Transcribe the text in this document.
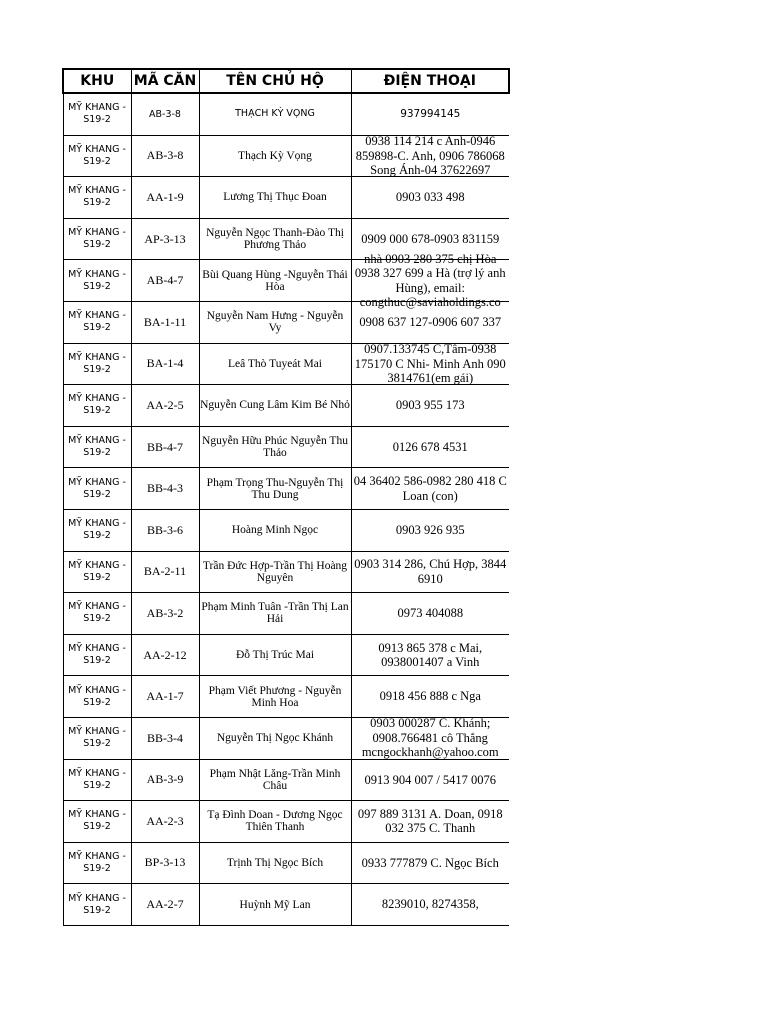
KHU	MÃ CĂN	TÊN CHỦ HỘ	ĐIỆN THOẠI

MỸ KHANG - S19-2	AB-3-8	THẠCH KỲ VỌNG	937994145

MỸ KHANG - S19-2	AB-3-8	Thạch Kỳ Vọng	0938 114 214 c Anh-0946 859898-C. Anh, 0906 786068 Song Ánh-04 37622697

MỸ KHANG - S19-2	AA-1-9	Lương Thị Thục Đoan	0903 033 498

MỸ KHANG - S19-2	AP-3-13	Nguyễn Ngọc Thanh-Đào Thị Phương Thảo	0909 000 678-0903 831159

MỸ KHANG - S19-2	AB-4-7	Bùi Quang Hùng -Nguyễn Thái Hòa	nhà 0903 280 375 chị Hòa 0938 327 699 a Hà (trợ lý anh Hùng), email: congthuc@saviaholdings.co

MỸ KHANG - S19-2	BA-1-11	Nguyễn Nam Hưng - Nguyễn Vy	0908 637 127-0906 607 337

MỸ KHANG - S19-2	BA-1-4	Leâ Thò Tuyeát Mai	0907.133745 C,Tâm-0938 175170 C Nhi- Minh Anh 090 3814761(em gái)

MỸ KHANG - S19-2	AA-2-5	Nguyễn Cung Lâm Kim Bé Nhỏ	0903 955 173

MỸ KHANG - S19-2	BB-4-7	Nguyễn Hữu Phúc Nguyễn Thu Thảo	0126 678 4531

MỸ KHANG - S19-2	BB-4-3	Phạm Trọng Thu-Nguyễn Thị Thu Dung	04 36402 586-0982 280 418 C Loan (con)

MỸ KHANG - S19-2	BB-3-6	Hoàng Minh Ngọc	0903 926 935

MỸ KHANG - S19-2	BA-2-11	Trần Đức Hợp-Trần Thị Hoàng Nguyên	0903 314 286, Chú Hợp, 3844 6910

MỸ KHANG - S19-2	AB-3-2	Phạm Minh Tuân -Trần Thị Lan Hải	0973 404088

MỸ KHANG - S19-2	AA-2-12	Đỗ Thị Trúc Mai	0913 865 378 c Mai, 0938001407 a Vinh

MỸ KHANG - S19-2	AA-1-7	Phạm Viết Phương - Nguyễn Minh Hoa	0918 456 888 c Nga

MỸ KHANG - S19-2	BB-3-4	Nguyễn Thị Ngọc Khánh	0903 000287 C. Khánh; 0908.766481 cô Thắng mcngockhanh@yahoo.com

MỸ KHANG - S19-2	AB-3-9	Phạm Nhật Lăng-Trần Minh Châu	0913 904 007 / 5417 0076

MỸ KHANG - S19-2	AA-2-3	Tạ Đình Doan - Dương Ngọc Thiên Thanh	097 889 3131 A. Doan, 0918 032 375 C. Thanh

MỸ KHANG - S19-2	BP-3-13	Trịnh Thị Ngọc Bích	0933 777879 C. Ngọc Bích

MỸ KHANG - S19-2	AA-2-7	Huỳnh Mỹ Lan	8239010, 8274358,
